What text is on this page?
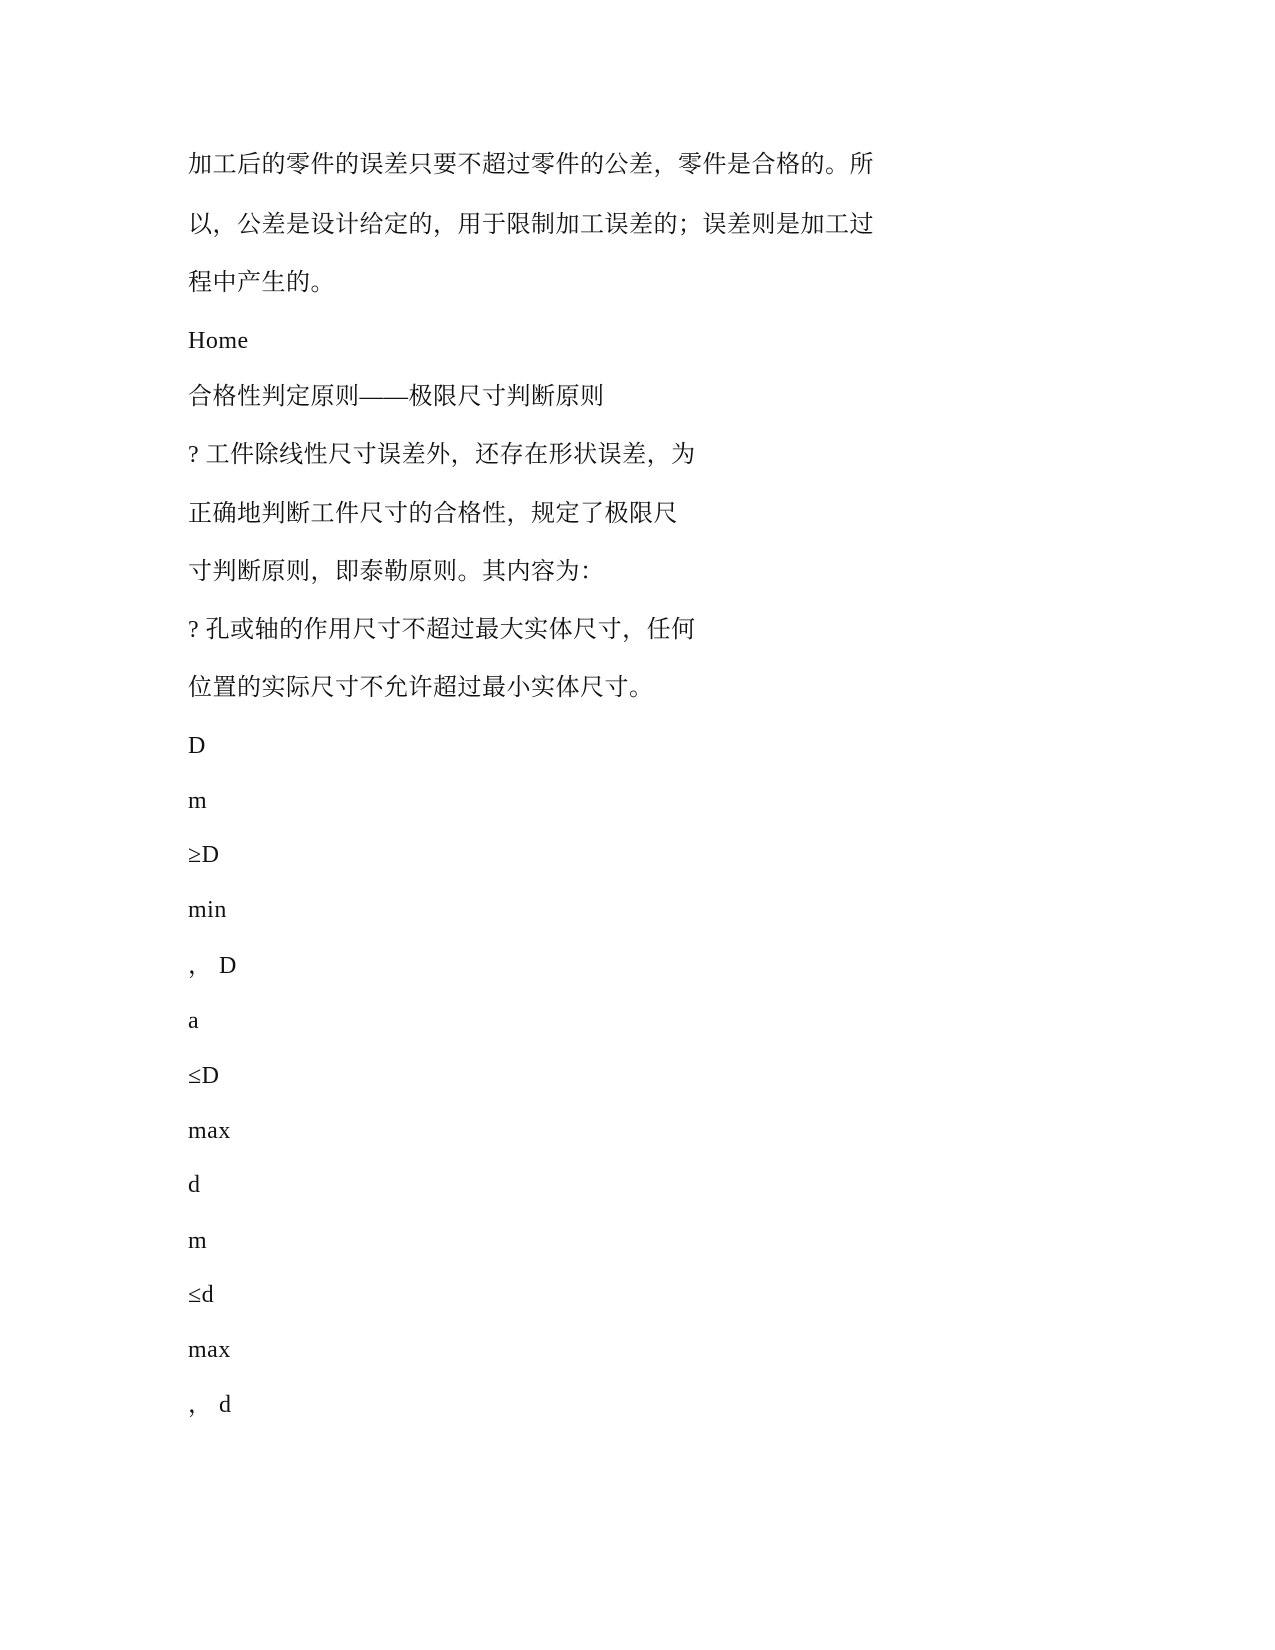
加工后的零件的误差只要不超过零件的公差，零件是合格的。所
以，公差是设计给定的，用于限制加工误差的；误差则是加工过
程中产生的。
Home
合格性判定原则——极限尺寸判断原则
? 工件除线性尺寸误差外，还存在形状误差，为
正确地判断工件尺寸的合格性，规定了极限尺
寸判断原则，即泰勒原则。其内容为：
? 孔或轴的作用尺寸不超过最大实体尺寸，任何
位置的实际尺寸不允许超过最小实体尺寸。
D
m
≥D
min
， D
a
≤D
max
d
m
≤d
max
， d
